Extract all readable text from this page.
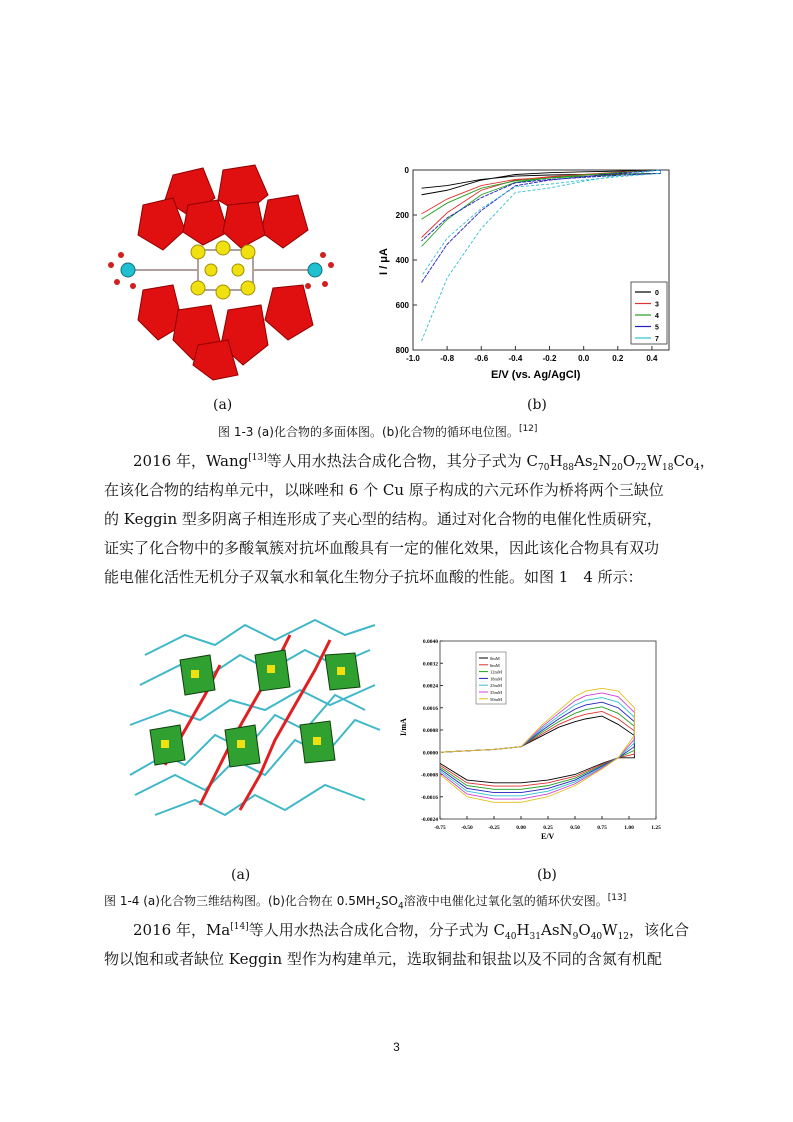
0
200
400
600
800
-1.0	-0.8	-0.6	-0.4	-0.2	0.0	0.2	0.4
I / μA
E/V (vs. Ag/AgCl)
0
3
4
5
7
(a)	(b)
图 1-3 (a)化合物的多面体图。(b)化合物的循环电位图。[12]
2016 年，Wang[13]等人用水热法合成化合物，其分子式为 $C_{70}H_{88}As_2N_{20}O_{72}W_{18}Co_4$，
在该化合物的结构单元中，以咪唑和 6 个 Cu 原子构成的六元环作为桥将两个三缺位
的 Keggin 型多阴离子相连形成了夹心型的结构。通过对化合物的电催化性质研究，
证实了化合物中的多酸氧簇对抗坏血酸具有一定的催化效果，因此该化合物具有双功
能电催化活性无机分子双氧水和氧化生物分子抗坏血酸的性能。如图 1　4 所示：
0.0040
0.0032
0.0024
0.0016
0.0008
0.0000
-0.0008
-0.0016
-0.0024
-0.75	-0.50	-0.25	0.00	0.25	0.50	0.75	1.00	1.25
I/mA
E/V
0mM
6mM
12mM
18mM
25mM
35mM
50mM
(a)	(b)
图 1-4 (a)化合物三维结构图。(b)化合物在 $0.5MH_2SO_4$溶液中电催化过氧化氢的循环伏安图。[13]
2016 年，Ma[14]等人用水热法合成化合物，分子式为 $C_{40}H_{31}AsN_9O_{40}W_{12}$，该化合
物以饱和或者缺位 Keggin 型作为构建单元，选取铜盐和银盐以及不同的含氮有机配
3
